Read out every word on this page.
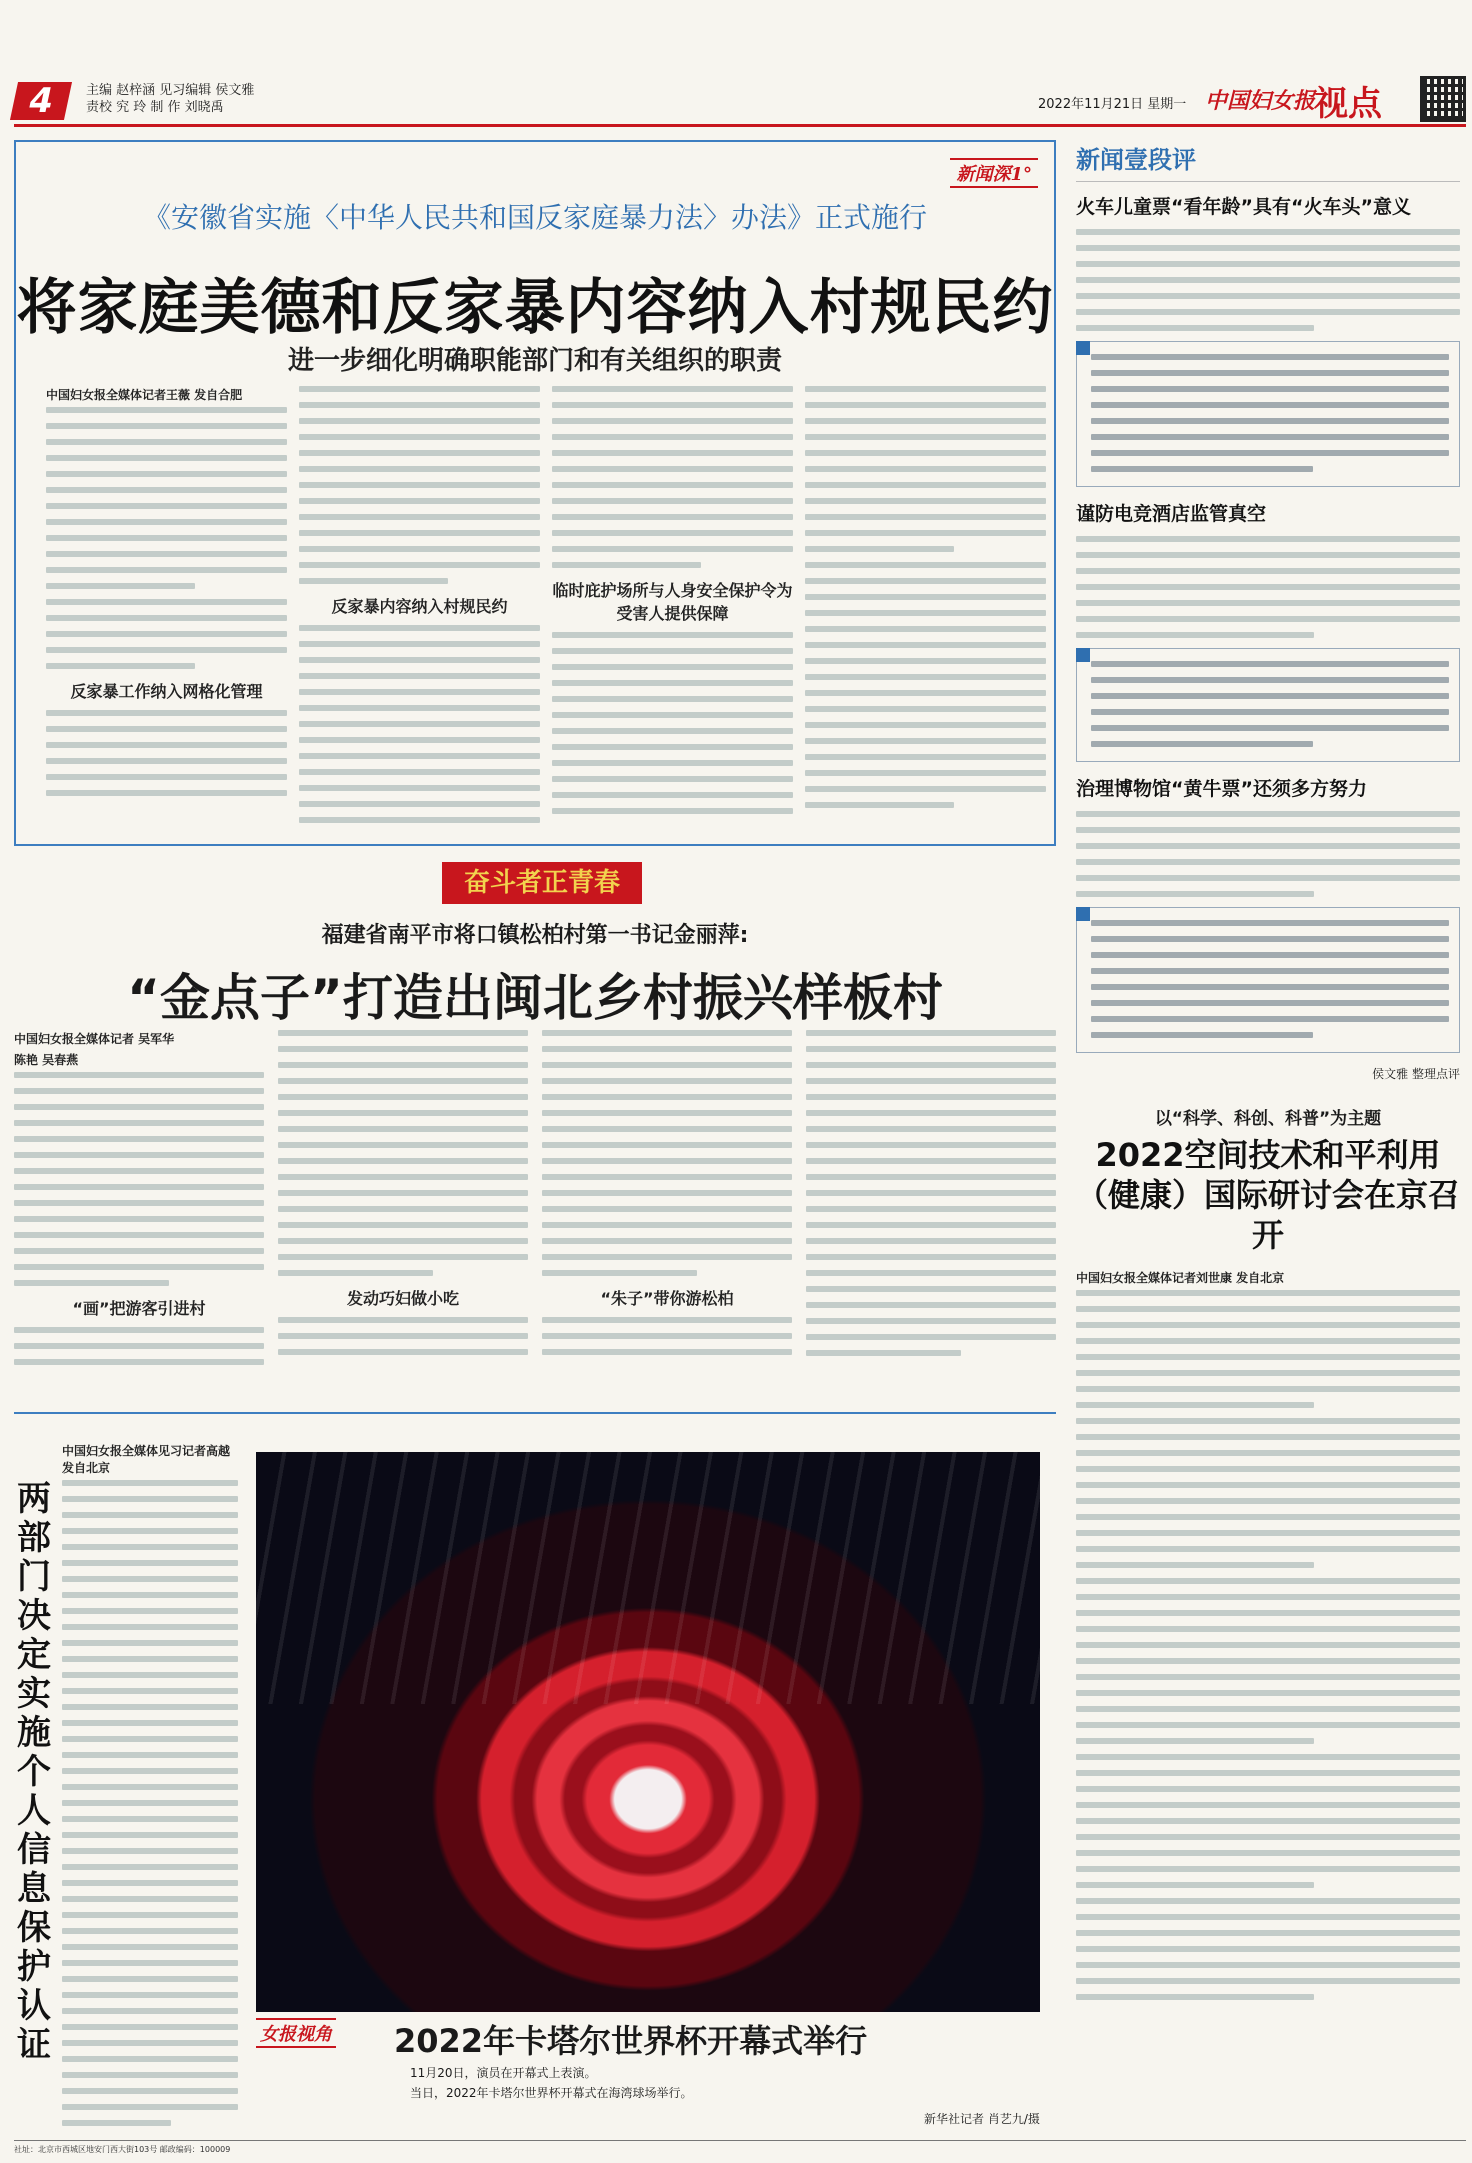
4	主编 赵梓涵 见习编辑 侯文雅
责校 究 玲 制 作 刘晓禹	2022年11月21日 星期一 中国妇女报
视点
新闻深1°
《安徽省实施〈中华人民共和国反家庭暴力法〉办法》正式施行
将家庭美德和反家暴内容纳入村规民约
进一步细化明确职能部门和有关组织的职责
中国妇女报全媒体记者王薇 发自合肥
反家暴工作纳入网格化管理
反家暴内容纳入村规民约
临时庇护场所与人身安全保护令为受害人提供保障
奋斗者正青春
福建省南平市将口镇松柏村第一书记金丽萍:
“金点子”打造出闽北乡村振兴样板村
中国妇女报全媒体记者 吴军华
陈艳 吴春燕
“画”把游客引进村
发动巧妇做小吃	“朱子”带你游松柏
两部门决定实施个人信息保护认证
中国妇女报全媒体见习记者高越 发自北京
女报视角 2022年卡塔尔世界杯开幕式举行
11月20日，演员在开幕式上表演。
当日，2022年卡塔尔世界杯开幕式在海湾球场举行。
新华社记者 肖艺九/摄
新闻壹段评
火车儿童票“看年龄”具有“火车头”意义
谨防电竞酒店监管真空
治理博物馆“黄牛票”还须多方努力
侯文雅 整理点评
以“科学、科创、科普”为主题
2022空间技术和平利用（健康）国际研讨会在京召开
中国妇女报全媒体记者刘世康 发自北京
社址：北京市西城区地安门西大街103号 邮政编码：100009
